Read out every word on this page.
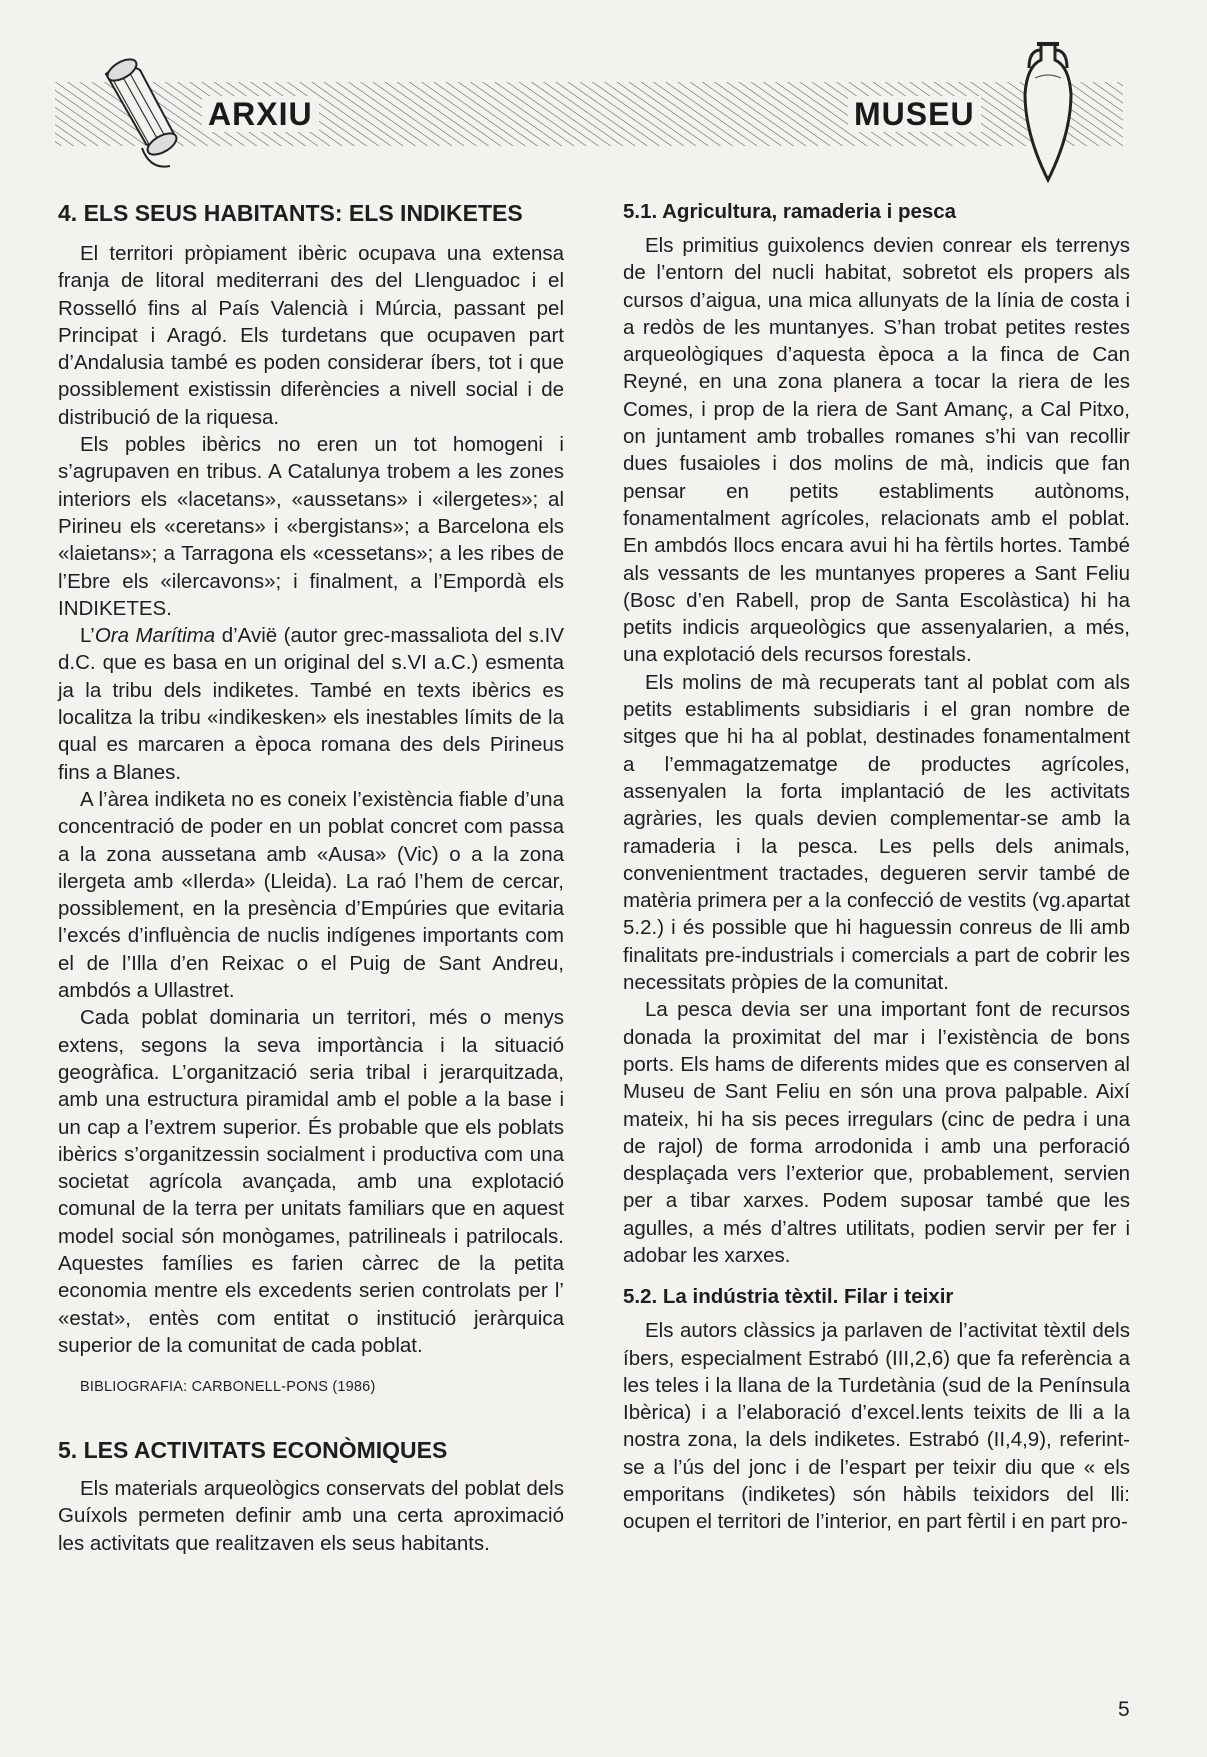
ARXIU	MUSEU
4. ELS SEUS HABITANTS: ELS INDIKETES

El territori pròpiament ibèric ocupava una extensa franja de litoral mediterrani des del Llenguadoc i el Rosselló fins al País Valencià i Múrcia, passant pel Principat i Aragó. Els turdetans que ocupaven part d’Andalusia també es poden considerar íbers, tot i que possiblement existissin diferències a nivell social i de distribució de la riquesa.

Els pobles ibèrics no eren un tot homogeni i s’agrupaven en tribus. A Catalunya trobem a les zones interiors els «lacetans», «aussetans» i «ilergetes»; al Pirineu els «ceretans» i «bergistans»; a Barcelona els «laietans»; a Tarragona els «cessetans»; a les ribes de l’Ebre els «ilercavons»; i finalment, a l’Empordà els INDIKETES.

L’Ora Marítima d’Avië (autor grec-massaliota del s.IV d.C. que es basa en un original del s.VI a.C.) esmenta ja la tribu dels indiketes. També en texts ibèrics es localitza la tribu «indikesken» els inestables límits de la qual es marcaren a època romana des dels Pirineus fins a Blanes.

A l’àrea indiketa no es coneix l’existència fiable d’una concentració de poder en un poblat concret com passa a la zona aussetana amb «Ausa» (Vic) o a la zona ilergeta amb «Ilerda» (Lleida). La raó l’hem de cercar, possiblement, en la presència d’Empúries que evitaria l’excés d’influència de nuclis indígenes importants com el de l’Illa d’en Reixac o el Puig de Sant Andreu, ambdós a Ullastret.

Cada poblat dominaria un territori, més o menys extens, segons la seva importància i la situació geogràfica. L’organització seria tribal i jerarquitzada, amb una estructura piramidal amb el poble a la base i un cap a l’extrem superior. És probable que els poblats ibèrics s’organitzessin socialment i productiva com una societat agrícola avançada, amb una explotació comunal de la terra per unitats familiars que en aquest model social són monògames, patrilineals i patrilocals. Aquestes famílies es farien càrrec de la petita economia mentre els excedents serien controlats per l’ «estat», entès com entitat o institució jeràrquica superior de la comunitat de cada poblat.

BIBLIOGRAFIA: CARBONELL-PONS (1986)
5. LES ACTIVITATS ECONÒMIQUES

Els materials arqueològics conservats del poblat dels Guíxols permeten definir amb una certa aproximació les activitats que realitzaven els seus habitants.

5.1. Agricultura, ramaderia i pesca

Els primitius guixolencs devien conrear els terrenys de l’entorn del nucli habitat, sobretot els propers als cursos d’aigua, una mica allunyats de la línia de costa i a redòs de les muntanyes. S’han trobat petites restes arqueològiques d’aquesta època a la finca de Can Reyné, en una zona planera a tocar la riera de les Comes, i prop de la riera de Sant Amanç, a Cal Pitxo, on juntament amb troballes romanes s’hi van recollir dues fusaioles i dos molins de mà, indicis que fan pensar en petits establiments autònoms, fonamentalment agrícoles, relacionats amb el poblat. En ambdós llocs encara avui hi ha fèrtils hortes. També als vessants de les muntanyes properes a Sant Feliu (Bosc d’en Rabell, prop de Santa Escolàstica) hi ha petits indicis arqueològics que assenyalarien, a més, una explotació dels recursos forestals.

Els molins de mà recuperats tant al poblat com als petits establiments subsidiaris i el gran nombre de sitges que hi ha al poblat, destinades fonamentalment a l’emmagatzematge de productes agrícoles, assenyalen la forta implantació de les activitats agràries, les quals devien complementar-se amb la ramaderia i la pesca. Les pells dels animals, convenientment tractades, degueren servir també de matèria primera per a la confecció de vestits (vg.apartat 5.2.) i és possible que hi haguessin conreus de lli amb finalitats pre-industrials i comercials a part de cobrir les necessitats pròpies de la comunitat.

La pesca devia ser una important font de recursos donada la proximitat del mar i l’existència de bons ports. Els hams de diferents mides que es conserven al Museu de Sant Feliu en són una prova palpable. Així mateix, hi ha sis peces irregulars (cinc de pedra i una de rajol) de forma arrodonida i amb una perforació desplaçada vers l’exterior que, probablement, servien per a tibar xarxes. Podem suposar també que les agulles, a més d’altres utilitats, podien servir per fer i adobar les xarxes.

5.2. La indústria tèxtil. Filar i teixir

Els autors clàssics ja parlaven de l’activitat tèxtil dels íbers, especialment Estrabó (III,2,6) que fa referència a les teles i la llana de la Turdetània (sud de la Península Ibèrica) i a l’elaboració d’excel.lents teixits de lli a la nostra zona, la dels indiketes. Estrabó (II,4,9), referint-se a l’ús del jonc i de l’espart per teixir diu que « els emporitans (indiketes) són hàbils teixidors del lli: ocupen el territori de l’interior, en part fèrtil i en part pro-

5
